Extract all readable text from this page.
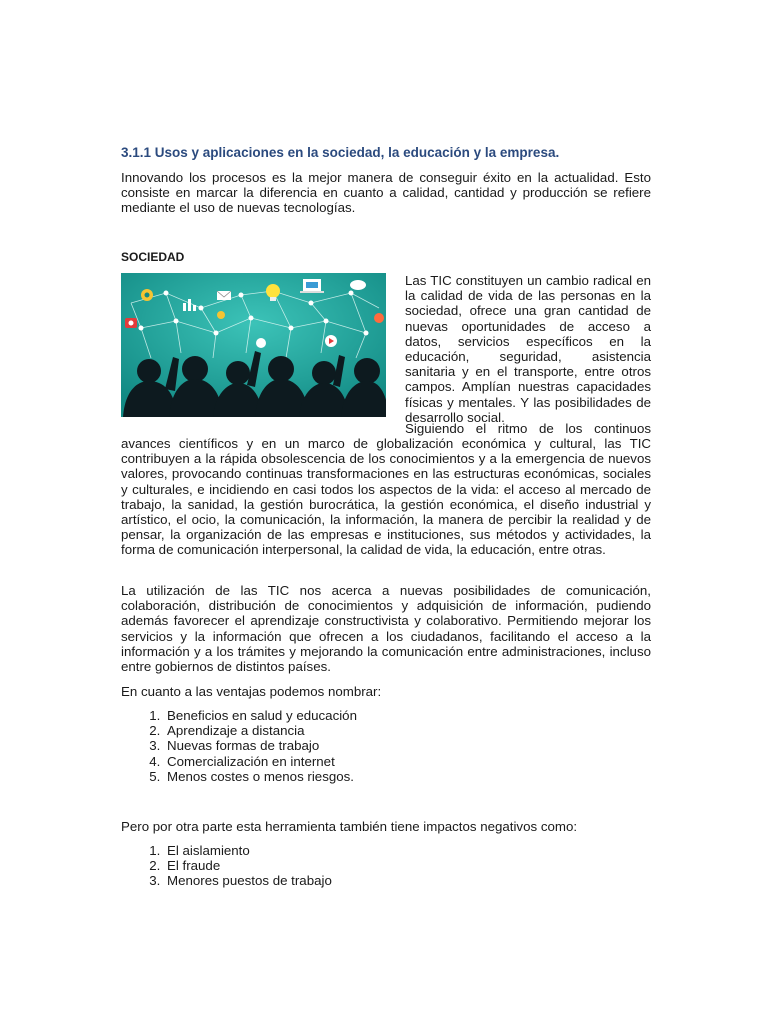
3.1.1 Usos y aplicaciones en la sociedad, la educación y la empresa.

Innovando los procesos es la mejor manera de conseguir éxito en la actualidad. Esto consiste en marcar la diferencia en cuanto a calidad, cantidad y producción se refiere mediante el uso de nuevas tecnologías.

SOCIEDAD

Las TIC constituyen un cambio radical en la calidad de vida de las personas en la sociedad, ofrece una gran cantidad de nuevas oportunidades de acceso a datos, servicios específicos en la educación, seguridad, asistencia sanitaria y en el transporte, entre otros campos. Amplían nuestras capacidades físicas y mentales. Y las posibilidades de desarrollo social.

Siguiendo el ritmo de los continuos

avances científicos y en un marco de globalización económica y cultural, las TIC contribuyen a la rápida obsolescencia de los conocimientos y a la emergencia de nuevos valores, provocando continuas transformaciones en las estructuras económicas, sociales y culturales, e incidiendo en casi todos los aspectos de la vida: el acceso al mercado de trabajo, la sanidad, la gestión burocrática, la gestión económica, el diseño industrial y artístico, el ocio, la comunicación, la información, la manera de percibir la realidad y de pensar, la organización de las empresas e instituciones, sus métodos y actividades, la forma de comunicación interpersonal, la calidad de vida, la educación, entre otras.

La utilización de las TIC nos acerca a nuevas posibilidades de comunicación, colaboración, distribución de conocimientos y adquisición de información, pudiendo además favorecer el aprendizaje constructivista y colaborativo. Permitiendo mejorar los servicios y la información que ofrecen a los ciudadanos, facilitando el acceso a la información y a los trámites y mejorando la comunicación entre administraciones, incluso entre gobiernos de distintos países.

En cuanto a las ventajas podemos nombrar:

1. Beneficios en salud y educación
2. Aprendizaje a distancia
3. Nuevas formas de trabajo
4. Comercialización en internet
5. Menos costes o menos riesgos.

Pero por otra parte esta herramienta también tiene impactos negativos como:

1. El aislamiento
2. El fraude
3. Menores puestos de trabajo
